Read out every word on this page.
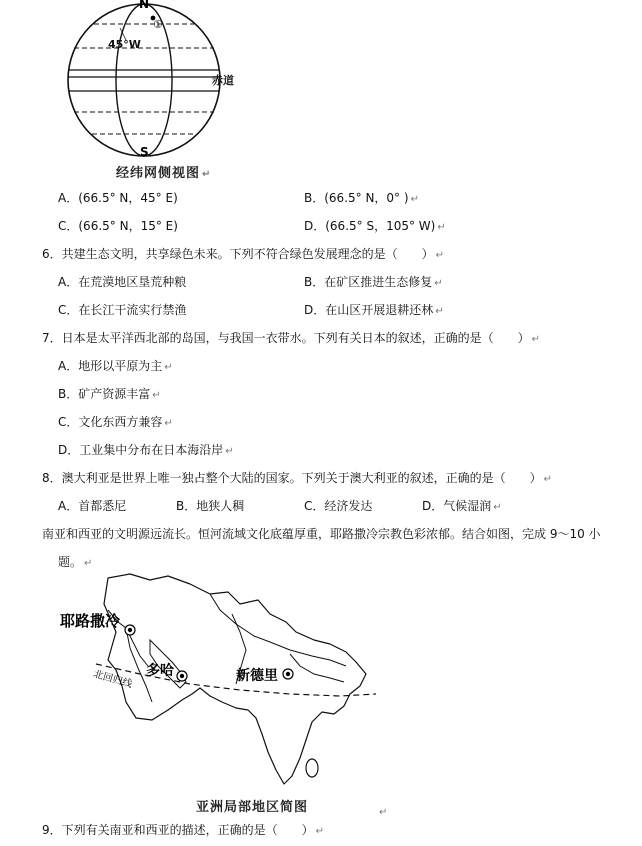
N
S
45°W
①
赤道
经纬网侧视图 ↵
A．(66.5° N，45° E)	B．(66.5° N，0° ) ↵
C．(66.5° N，15° E)	D．(66.5° S，105° W) ↵
6．共建生态文明，共享绿色未来。下列不符合绿色发展理念的是（　　） ↵
A．在荒漠地区垦荒种粮	B．在矿区推进生态修复 ↵
C．在长江干流实行禁渔	D．在山区开展退耕还林 ↵
7．日本是太平洋西北部的岛国，与我国一衣带水。下列有关日本的叙述，正确的是（　　） ↵
A．地形以平原为主 ↵
B．矿产资源丰富 ↵
C．文化东西方兼容 ↵
D．工业集中分布在日本海沿岸 ↵
8．澳大利亚是世界上唯一独占整个大陆的国家。下列关于澳大利亚的叙述，正确的是（　　） ↵
A．首都悉尼	B．地狭人稠	C．经济发达	D．气候湿润 ↵
南亚和西亚的文明源远流长。恒河流域文化底蕴厚重，耶路撒冷宗教色彩浓郁。结合如图，完成 9～10 小
题。 ↵
耶路撒冷
多哈	新德里
北回归线
亚洲局部地区简图	↵
9．下列有关南亚和西亚的描述，正确的是（　　） ↵
